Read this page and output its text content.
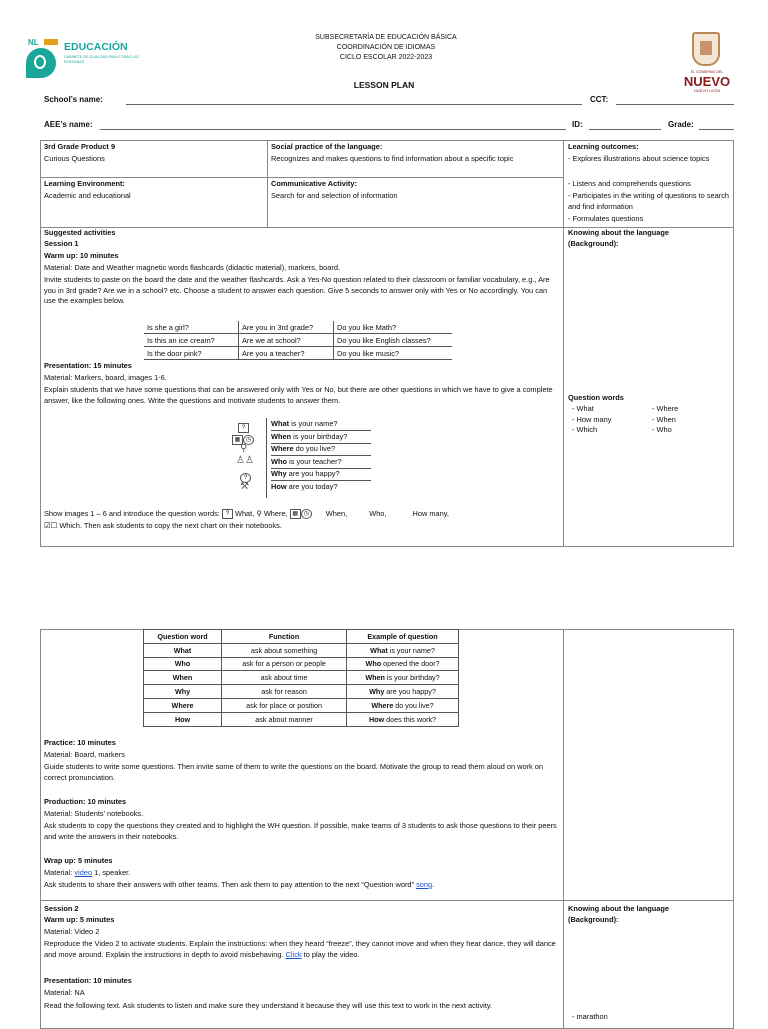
NL EDUCACIÓN
GABINETE DE IGUALDAD PARA TODAS LAS PERSONAS
EL GOBIERNO DEL
NUEVO
NUEVO LEÓN
SUBSECRETARÍA DE EDUCACIÓN BÁSICA
COORDINACIÓN DE IDIOMAS
CICLO ESCOLAR 2022-2023
LESSON PLAN
School’s name:	CCT:
AEE’s name:	ID:	Grade:
3rd Grade Product 9
Curious Questions
Learning Environment:
Academic and educational
Social practice of the language:
Recognizes and makes questions to find information about a specific topic
Communicative Activity:
Search for and selection of information
Learning outcomes:
- Explores illustrations about science topics
- Listens and comprehends questions
- Participates in the writing of questions to search and find information
- Formulates questions
Suggested activities
Session 1
Warm up: 10 minutes
Material: Date and Weather magnetic words flashcards (didactic material), markers, board.
Invite students to paste on the board the date and the weather flashcards. Ask a Yes-No question related to their classroom or familiar vocabulary, e.g., Are you in 3rd grade? Are we in a school? etc. Choose a student to answer each question. Give 5 seconds to answer only with Yes or No accordingly. You can use the examples below.
Is she a girl?	Are you in 3rd grade?	Do you like Math?
Is this an ice cream?	Are we at school?	Do you like English classes?
Is the door pink?	Are you a teacher?	Do you like music?
Presentation: 15 minutes
Material: Markers, board, images 1-6.
Explain students that we have some questions that can be answered only with Yes or No, but there are other questions in which we have to give a complete answer, like the following ones. Write the questions and motivate students to answer them.
?
▦ ◷
⚲
♙♙
?
⚒
What is your name?
When is your birthday?
Where do you live?
Who is your teacher?
Why are you happy?
How are you today?
Show images 1 – 6 and introduce the question words: ? What, ⚲ Where, ▦ ◷ When,	Who,	How many,
☑☐ Which. Then ask students to copy the next chart on their notebooks.
Knowing about the language (Background):
Question words
- What
- How many
- Which
- Where
- When
- Who
Question word	Function	Example of question
What	ask about something	What is your name?
Who	ask for a person or people	Who opened the door?
When	ask about time	When is your birthday?
Why	ask for reason	Why are you happy?
Where	ask for place or position	Where do you live?
How	ask about manner	How does this work?
Practice: 10 minutes
Material: Board, markers
Guide students to write some questions. Then invite some of them to write the questions on the board. Motivate the group to read them aloud on work on correct pronunciation.
Production: 10 minutes
Material: Students’ notebooks.
Ask students to copy the questions they created and to highlight the WH question. If possible, make teams of 3 students to ask those questions to their peers and write the answers in their notebooks.
Wrap up: 5 minutes
Material: video 1, speaker.
Ask students to share their answers with other teams. Then ask them to pay attention to the next “Question word” song.
Session 2
Warm up: 5 minutes
Material: Video 2
Reproduce the Video 2 to activate students. Explain the instructions: when they heard “freeze”, they cannot move and when they hear dance, they will dance and move around. Explain the instructions in depth to avoid misbehaving. Click to play the video.
Presentation: 10 minutes
Material: NA
Read the following text. Ask students to listen and make sure they understand it because they will use this text to work in the next activity.
Knowing about the language (Background):
- marathon
